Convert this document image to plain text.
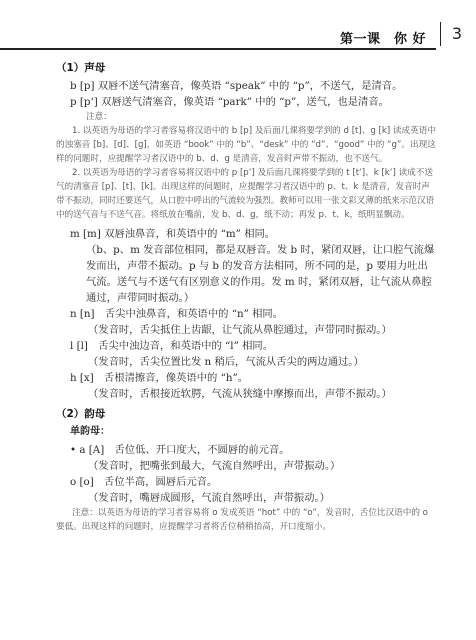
第一课　你 好 3
（1）声母

b [p] 双唇不送气清塞音，像英语 “speak” 中的 “p”，不送气，是清音。

p [pʻ] 双唇送气清塞音，像英语 “park” 中的 “p”，送气，也是清音。

注意：

1. 以英语为母语的学习者容易将汉语中的 b [p] 及后面几课将要学到的 d [t]、g [k] 读成英语中的浊塞音 [b]、[d]、[g]，如英语 “book” 中的 “b”、“desk” 中的 “d”、“good” 中的 “g”。出现这样的问题时，应提醒学习者汉语中的 b、d、g 是清音，发音时声带不振动，也不送气。

2. 以英语为母语的学习者容易将汉语中的 p [pʻ] 及后面几课将要学到的 t [tʻ]、k [kʻ] 读成不送气的清塞音 [p]、[t]、[k]。出现这样的问题时，应提醒学习者汉语中的 p、t、k 是清音，发音时声带不振动，同时还要送气，从口腔中呼出的气流较为强烈。教师可以用一张文彩叉薄的纸来示范汉语中的送气音与不送气音。将纸放在嘴前，发 b、d、g，纸不动；再发 p、t、k，纸明显飘动。

m [m] 双唇浊鼻音，和英语中的 “m” 相同。

（b、p、m 发音部位相同，都是双唇音。发 b 时，紧闭双唇，让口腔气流爆发而出，声带不振动。p 与 b 的发音方法相同，所不同的是，p 要用力吐出气流。送气与不送气有区别意义的作用。发 m 时，紧闭双唇，让气流从鼻腔通过，声带同时振动。）

n [n]　舌尖中浊鼻音，和英语中的 “n” 相同。

（发音时，舌尖抵住上齿龈，让气流从鼻腔通过，声带同时振动。）

l [l]　舌尖中浊边音，和英语中的 “l” 相同。

（发音时，舌尖位置比发 n 稍后，气流从舌尖的两边通过。）

h [x]　舌根清擦音，像英语中的 “h”。

（发音时，舌根接近软腭，气流从狭缝中摩擦而出，声带不振动。）

（2）韵母
单韵母：

• a [A]　舌位低、开口度大，不圆唇的前元音。

（发音时，把嘴张到最大，气流自然呼出，声带振动。）

o [o]　舌位半高，圆唇后元音。

（发音时，嘴唇成圆形，气流自然呼出，声带振动。）

注意：以英语为母语的学习者容易将 o 发成英语 “hot” 中的 “o”，发音时，舌位比汉语中的 o 要低。出现这样的问题时，应提醒学习者将舌位稍稍抬高，开口度缩小。
